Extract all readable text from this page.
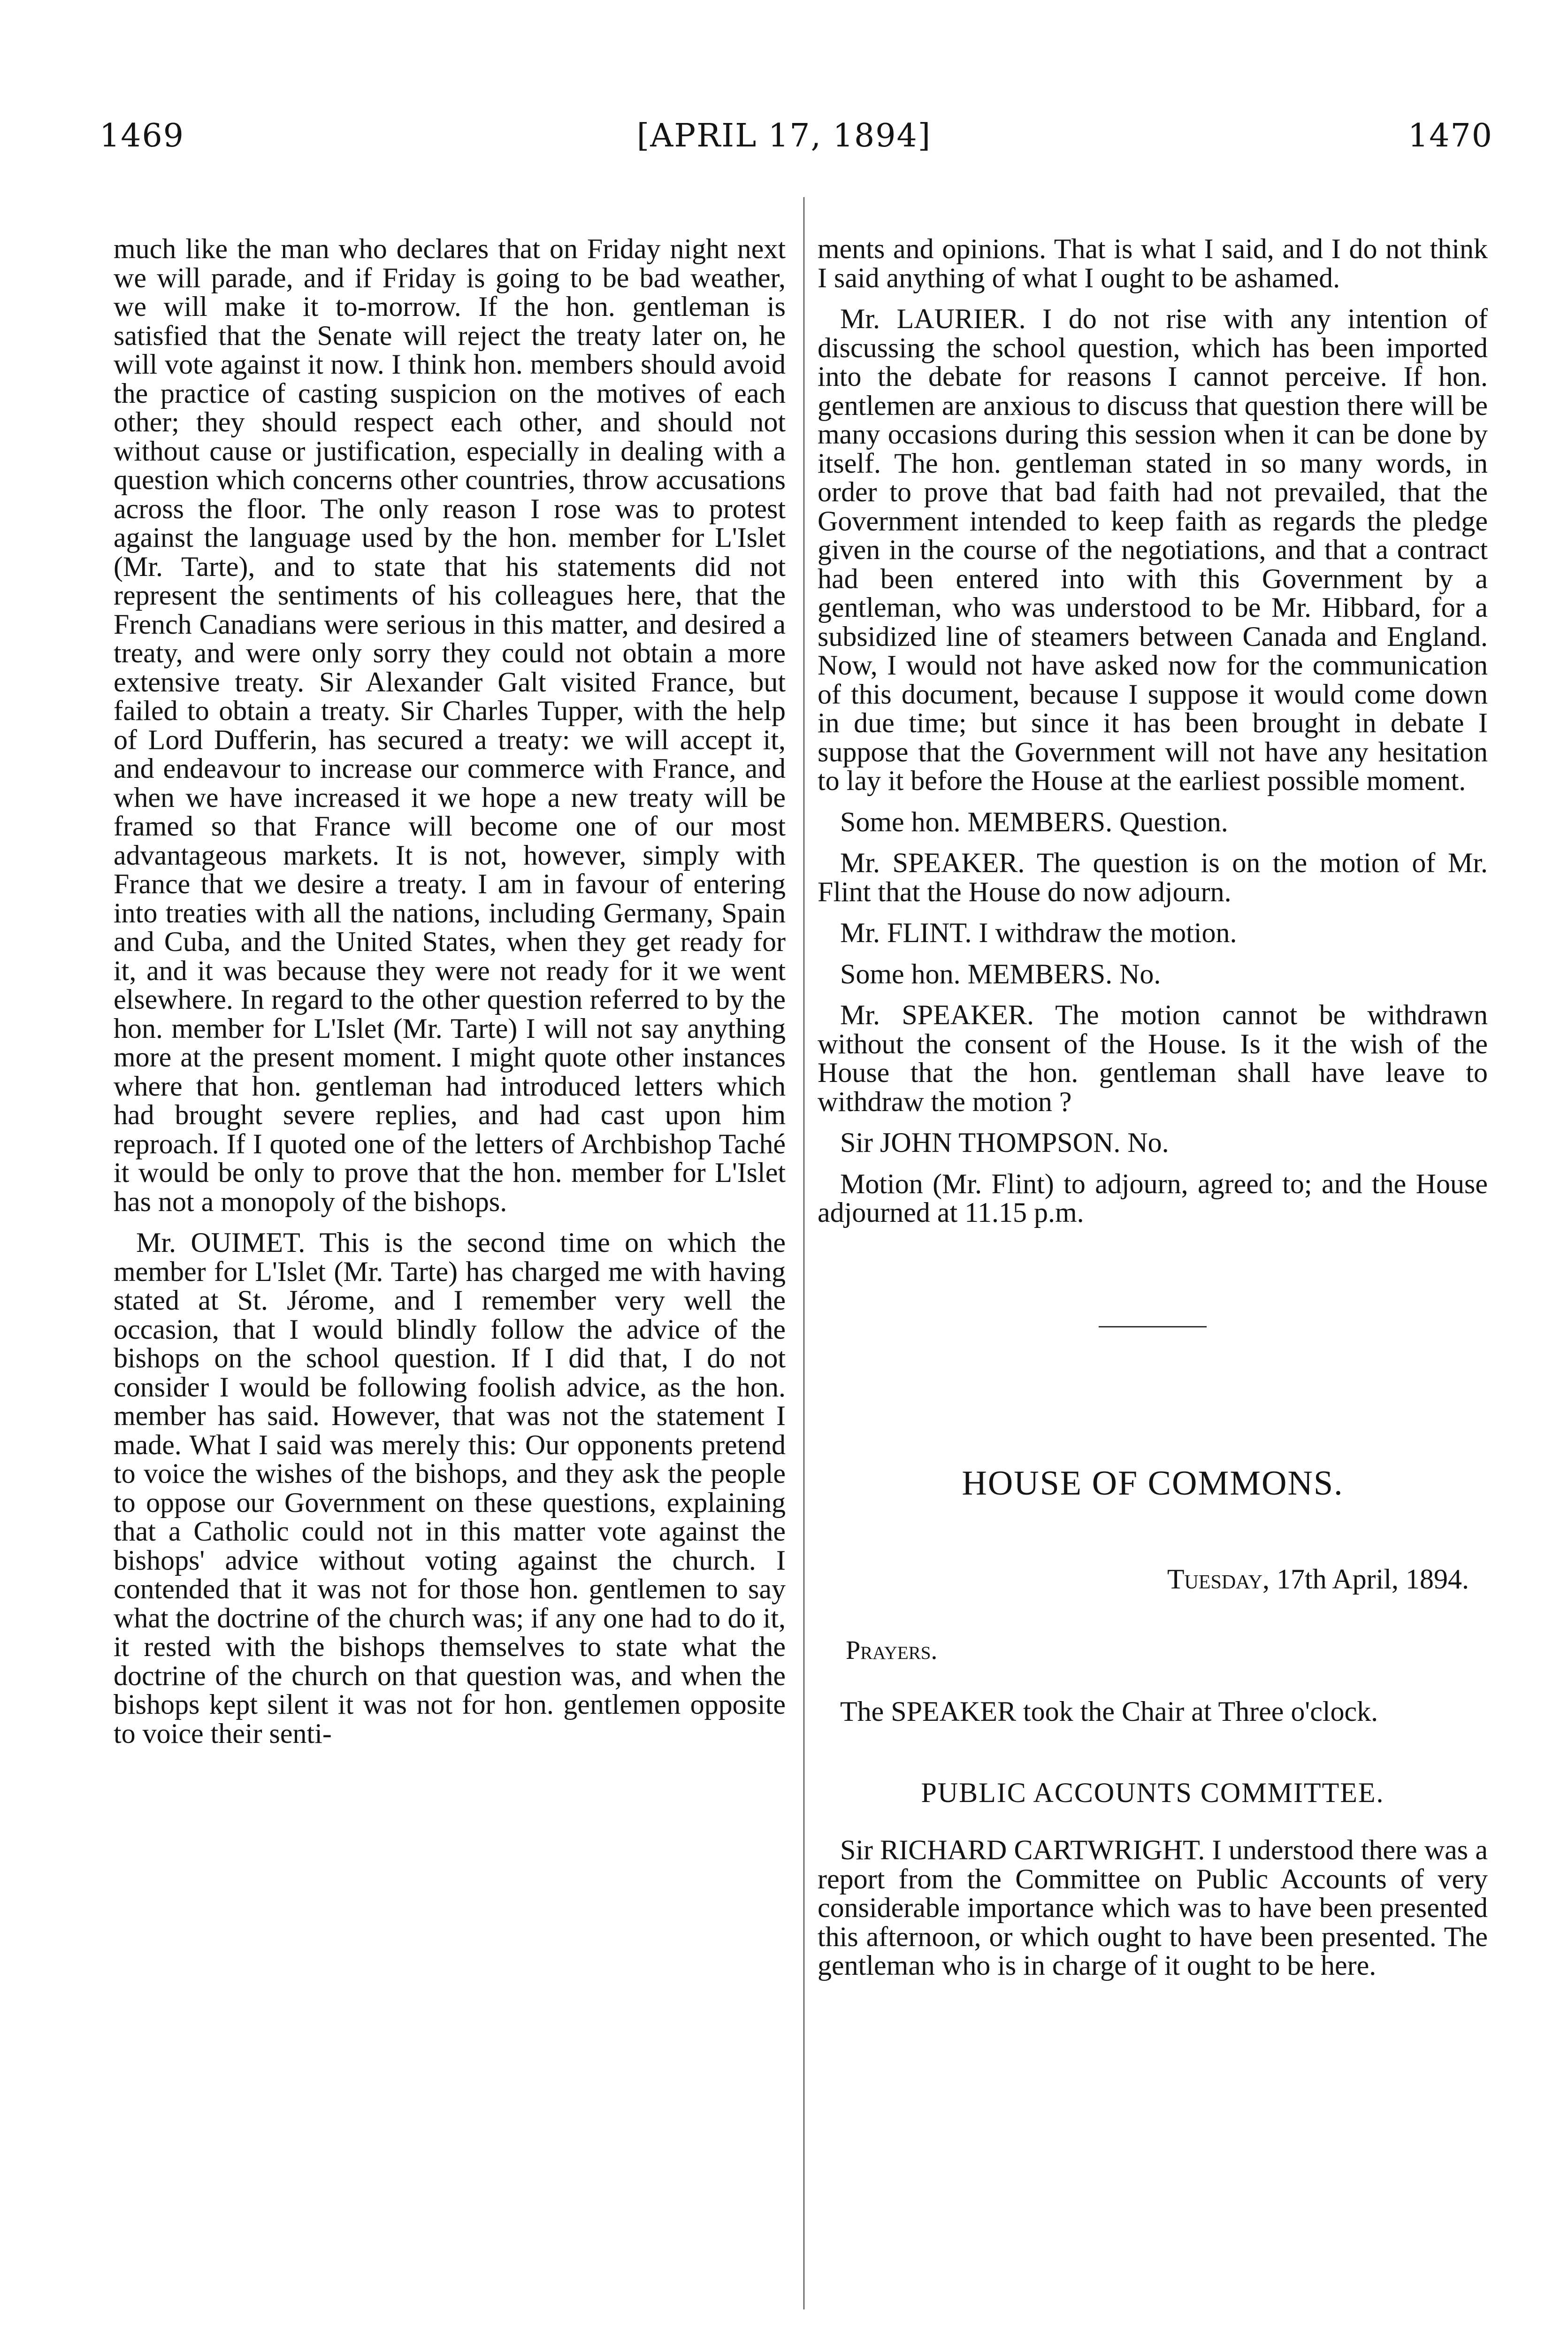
1469	[APRIL 17, 1894]	1470

much like the man who declares that on Friday night next we will parade, and if Friday is going to be bad weather, we will make it to-morrow. If the hon. gentleman is satisfied that the Senate will reject the treaty later on, he will vote against it now. I think hon. members should avoid the practice of casting suspicion on the motives of each other; they should respect each other, and should not without cause or justification, especially in dealing with a question which concerns other countries, throw accusations across the floor. The only reason I rose was to protest against the language used by the hon. member for L'Islet (Mr. Tarte), and to state that his statements did not represent the sentiments of his colleagues here, that the French Canadians were serious in this matter, and desired a treaty, and were only sorry they could not obtain a more extensive treaty. Sir Alexander Galt visited France, but failed to obtain a treaty. Sir Charles Tupper, with the help of Lord Dufferin, has secured a treaty: we will accept it, and endeavour to increase our commerce with France, and when we have increased it we hope a new treaty will be framed so that France will become one of our most advantageous markets. It is not, however, simply with France that we desire a treaty. I am in favour of entering into treaties with all the nations, including Germany, Spain and Cuba, and the United States, when they get ready for it, and it was because they were not ready for it we went elsewhere. In regard to the other question referred to by the hon. member for L'Islet (Mr. Tarte) I will not say anything more at the present moment. I might quote other instances where that hon. gentleman had introduced letters which had brought severe replies, and had cast upon him reproach. If I quoted one of the letters of Archbishop Taché it would be only to prove that the hon. member for L'Islet has not a monopoly of the bishops.

Mr. OUIMET. This is the second time on which the member for L'Islet (Mr. Tarte) has charged me with having stated at St. Jérome, and I remember very well the occasion, that I would blindly follow the advice of the bishops on the school question. If I did that, I do not consider I would be following foolish advice, as the hon. member has said. However, that was not the statement I made. What I said was merely this: Our opponents pretend to voice the wishes of the bishops, and they ask the people to oppose our Government on these questions, explaining that a Catholic could not in this matter vote against the bishops' advice without voting against the church. I contended that it was not for those hon. gentlemen to say what the doctrine of the church was; if any one had to do it, it rested with the bishops themselves to state what the doctrine of the church on that question was, and when the bishops kept silent it was not for hon. gentlemen opposite to voice their senti-

ments and opinions. That is what I said, and I do not think I said anything of what I ought to be ashamed.

Mr. LAURIER. I do not rise with any intention of discussing the school question, which has been imported into the debate for reasons I cannot perceive. If hon. gentlemen are anxious to discuss that question there will be many occasions during this session when it can be done by itself. The hon. gentleman stated in so many words, in order to prove that bad faith had not prevailed, that the Government intended to keep faith as regards the pledge given in the course of the negotiations, and that a contract had been entered into with this Government by a gentleman, who was understood to be Mr. Hibbard, for a subsidized line of steamers between Canada and England. Now, I would not have asked now for the communication of this document, because I suppose it would come down in due time; but since it has been brought in debate I suppose that the Government will not have any hesitation to lay it before the House at the earliest possible moment.

Some hon. MEMBERS. Question.

Mr. SPEAKER. The question is on the motion of Mr. Flint that the House do now adjourn.

Mr. FLINT. I withdraw the motion.

Some hon. MEMBERS. No.

Mr. SPEAKER. The motion cannot be withdrawn without the consent of the House. Is it the wish of the House that the hon. gentleman shall have leave to withdraw the motion ?

Sir JOHN THOMPSON. No.

Motion (Mr. Flint) to adjourn, agreed to; and the House adjourned at 11.15 p.m.

HOUSE OF COMMONS.

Tuesday, 17th April, 1894.

Prayers.

The SPEAKER took the Chair at Three o'clock.

PUBLIC ACCOUNTS COMMITTEE.

Sir RICHARD CARTWRIGHT. I understood there was a report from the Committee on Public Accounts of very considerable importance which was to have been presented this afternoon, or which ought to have been presented. The gentleman who is in charge of it ought to be here.
